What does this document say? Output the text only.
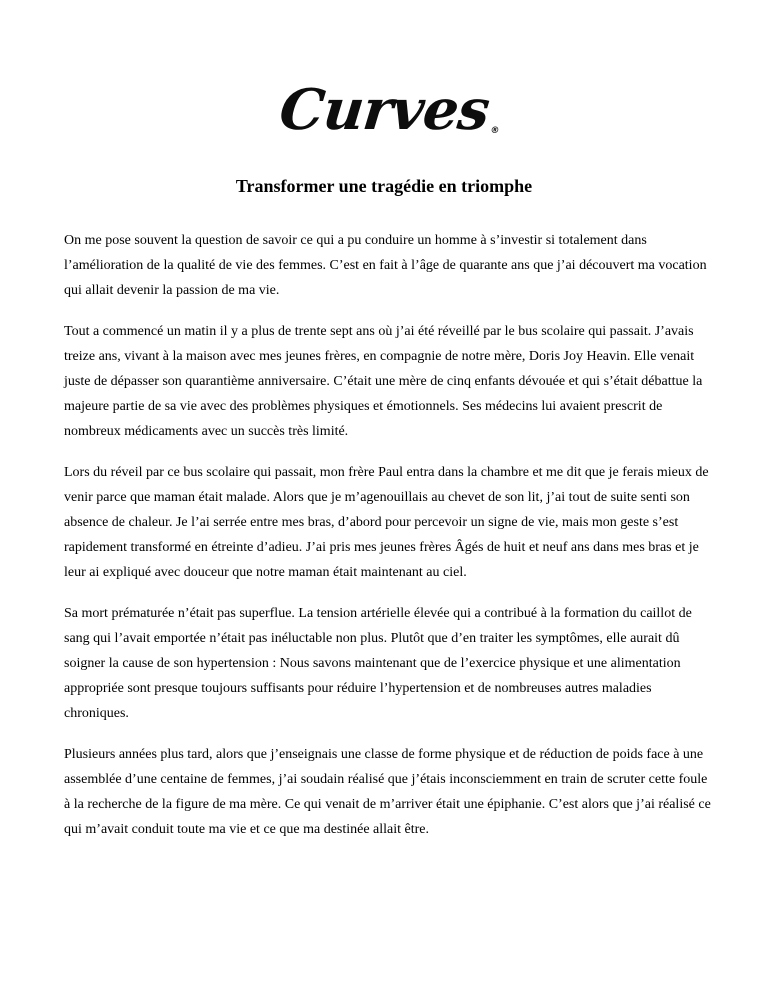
Curves
®
Transformer une tragédie en triomphe

On me pose souvent la question de savoir ce qui a pu conduire un homme à s’investir si totalement dans l’amélioration de la qualité de vie des femmes. C’est en fait à l’âge de quarante ans que j’ai découvert ma vocation qui allait devenir la passion de ma vie.

Tout a commencé un matin il y a plus de trente sept ans où j’ai été réveillé par le bus scolaire qui passait. J’avais treize ans, vivant à la maison avec mes jeunes frères, en compagnie de notre mère, Doris Joy Heavin. Elle venait juste de dépasser son quarantième anniversaire. C’était une mère de cinq enfants dévouée et qui s’était débattue la majeure partie de sa vie avec des problèmes physiques et émotionnels. Ses médecins lui avaient prescrit de nombreux médicaments avec un succès très limité.

Lors du réveil par ce bus scolaire qui passait, mon frère Paul entra dans la chambre et me dit que je ferais mieux de venir parce que maman était malade. Alors que je m’agenouillais au chevet de son lit, j’ai tout de suite senti son absence de chaleur. Je l’ai serrée entre mes bras, d’abord pour percevoir un signe de vie, mais mon geste s’est rapidement transformé en étreinte d’adieu. J’ai pris mes jeunes frères Âgés de huit et neuf ans dans mes bras et je leur ai expliqué avec douceur que notre maman était maintenant au ciel.

Sa mort prématurée n’était pas superflue. La tension artérielle élevée qui a contribué à la formation du caillot de sang qui l’avait emportée n’était pas inéluctable non plus. Plutôt que d’en traiter les symptômes, elle aurait dû soigner la cause de son hypertension : Nous savons maintenant que de l’exercice physique et une alimentation appropriée sont presque toujours suffisants pour réduire l’hypertension et de nombreuses autres maladies chroniques.

Plusieurs années plus tard, alors que j’enseignais une classe de forme physique et de réduction de poids face à une assemblée d’une centaine de femmes, j’ai soudain réalisé que j’étais inconsciemment en train de scruter cette foule à la recherche de la figure de ma mère. Ce qui venait de m’arriver était une épiphanie. C’est alors que j’ai réalisé ce qui m’avait conduit toute ma vie et ce que ma destinée allait être.
